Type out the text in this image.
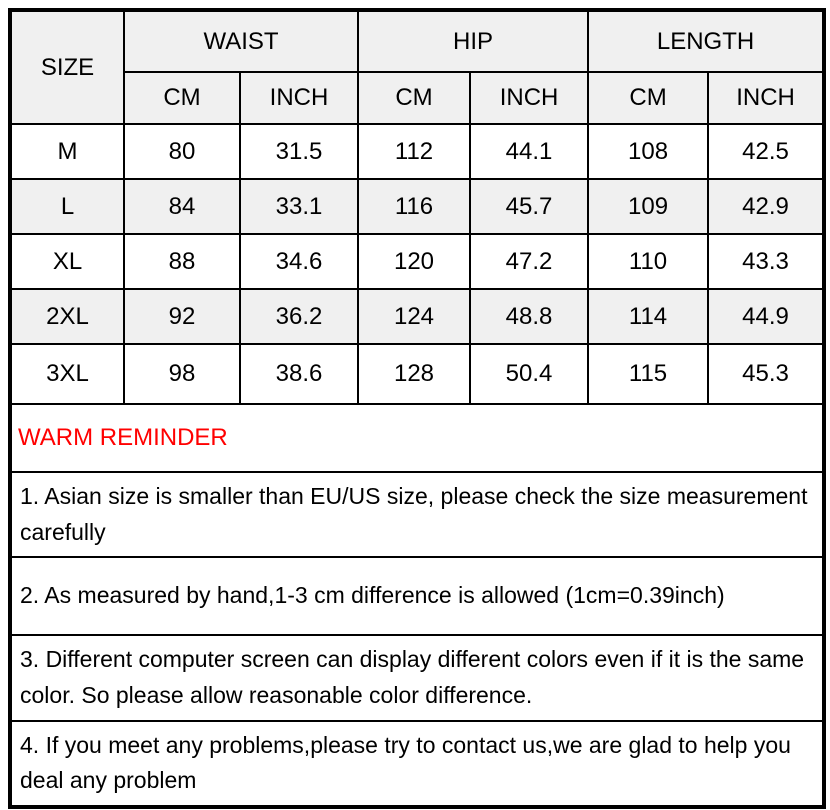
SIZE	WAIST		HIP		LENGTH	
	CM	INCH	CM	INCH	CM	INCH
M	80	31.5	112	44.1	108	42.5
L	84	33.1	116	45.7	109	42.9
XL	88	34.6	120	47.2	110	43.3
2XL	92	36.2	124	48.8	114	44.9
3XL	98	38.6	128	50.4	115	45.3
WARM REMINDER						
1. Asian size is smaller than EU/US size, please check the size measurement carefully						
2. As measured by hand,1-3 cm difference is allowed (1cm=0.39inch)						
3. Different computer screen can display different colors even if it is the same color. So please allow reasonable color difference.						
4. If you meet any problems,please try to contact us,we are glad to help you deal any problem						
